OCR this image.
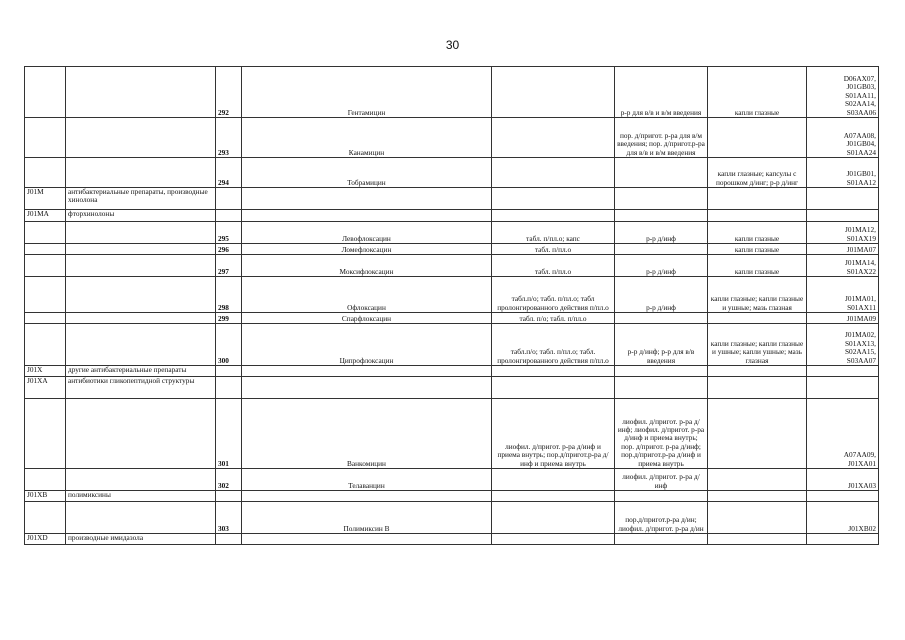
30
		292	Гентамицин		р-р для в/в и в/м введения	капли глазные	D06AX07,
J01GB03,
S01AA11,
S02AA14,
S03AA06
		293	Канамицин		пор. д/пригот. р-ра для в/м введения; пор. д/пригот.р-ра для в/в и в/м введения		A07AA08,
J01GB04,
S01AA24
		294	Тобрамицин			капли глазные; капсулы с порошком д/инг; р-р д/инг	J01GB01,
S01AA12
J01M	антибактериальные препараты, производные хинолона						
J01MA	фторхинолоны						
		295	Левофлоксацин	табл. п/пл.о; капс	р-р д/инф	капли глазные	J01MA12,
S01AX19
		296	Ломефлоксацин	табл. п/пл.о		капли глазные	J01MA07
		297	Моксифлоксацин	табл. п/пл.о	р-р д/инф	капли глазные	J01MA14,
S01AX22
		298	Офлоксацин	табл.п/о; табл. п/пл.о; табл пролонгированного действия п/пл.о	р-р д/инф	капли глазные; капли глазные и ушные; мазь глазная	J01MA01,
S01AX11
		299	Спарфлоксацин	табл. п/о; табл. п/пл.о			J01MA09
		300	Ципрофлоксацин	табл.п/о; табл. п/пл.о; табл. пролонгированного действия п/пл.о	р-р д/инф; р-р для в/в введения	капли глазные; капли глазные и ушные; капли ушные; мазь глазная	J01MA02,
S01AX13,
S02AA15,
S03AA07
J01X	другие антибактериальные препараты						
J01XA	антибиотики гликопептидной структуры						
		301	Ванкомицин	лиофил. д/пригот. р-ра д/инф и приема внутрь; пор.д/пригот.р-ра д/инф и приема внутрь	лиофил. д/пригот. р-ра д/инф; лиофил. д/пригот. р-ра д/инф и приема внутрь; пор. д/пригот. р-ра д/инф; пор.д/пригот.р-ра д/инф и приема внутрь		A07AA09,
J01XA01
		302	Телаванцин		лиофил. д/пригот. р-ра д/инф		J01XA03
J01XB	полимиксины						
		303	Полимиксин В		пор.д/пригот.р-ра д/ин; лиофил. д/пригот. р-ра д/ин		J01XB02
J01XD	производные имидазола						
